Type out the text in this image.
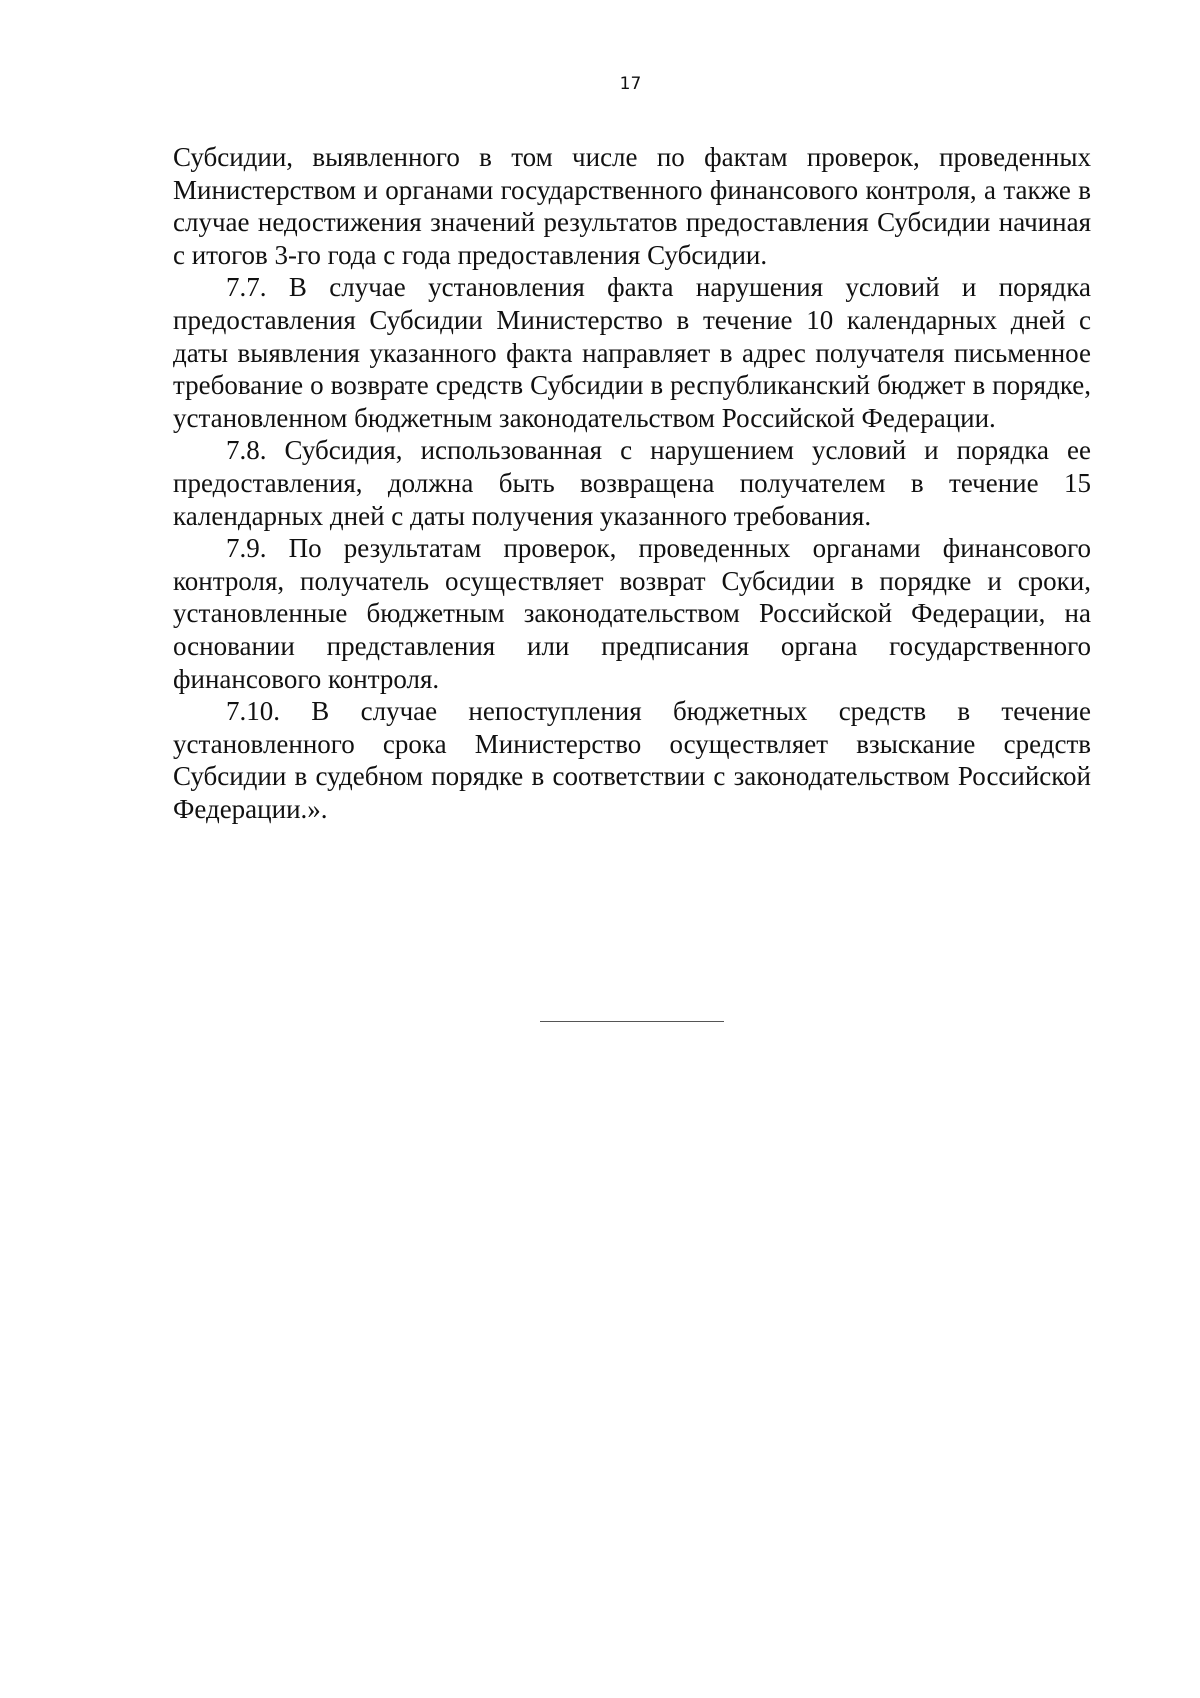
17

Субсидии, выявленного в том числе по фактам проверок, проведенных Министерством и органами государственного финансового контроля, а также в случае недостижения значений результатов предоставления Субсидии начиная с итогов 3-го года с года предоставления Субсидии.

7.7. В случае установления факта нарушения условий и порядка предоставления Субсидии Министерство в течение 10 календарных дней с даты выявления указанного факта направляет в адрес получателя письменное требование о возврате средств Субсидии в республиканский бюджет в порядке, установленном бюджетным законодательством Российской Федерации.

7.8. Субсидия, использованная с нарушением условий и порядка ее предоставления, должна быть возвращена получателем в течение 15 календарных дней с даты получения указанного требования.

7.9. По результатам проверок, проведенных органами финансового контроля, получатель осуществляет возврат Субсидии в порядке и сроки, установленные бюджетным законодательством Российской Федерации, на основании представления или предписания органа государственного финансового контроля.

7.10. В случае непоступления бюджетных средств в течение установленного срока Министерство осуществляет взыскание средств Субсидии в судебном порядке в соответствии с законодательством Российской Федерации.».
